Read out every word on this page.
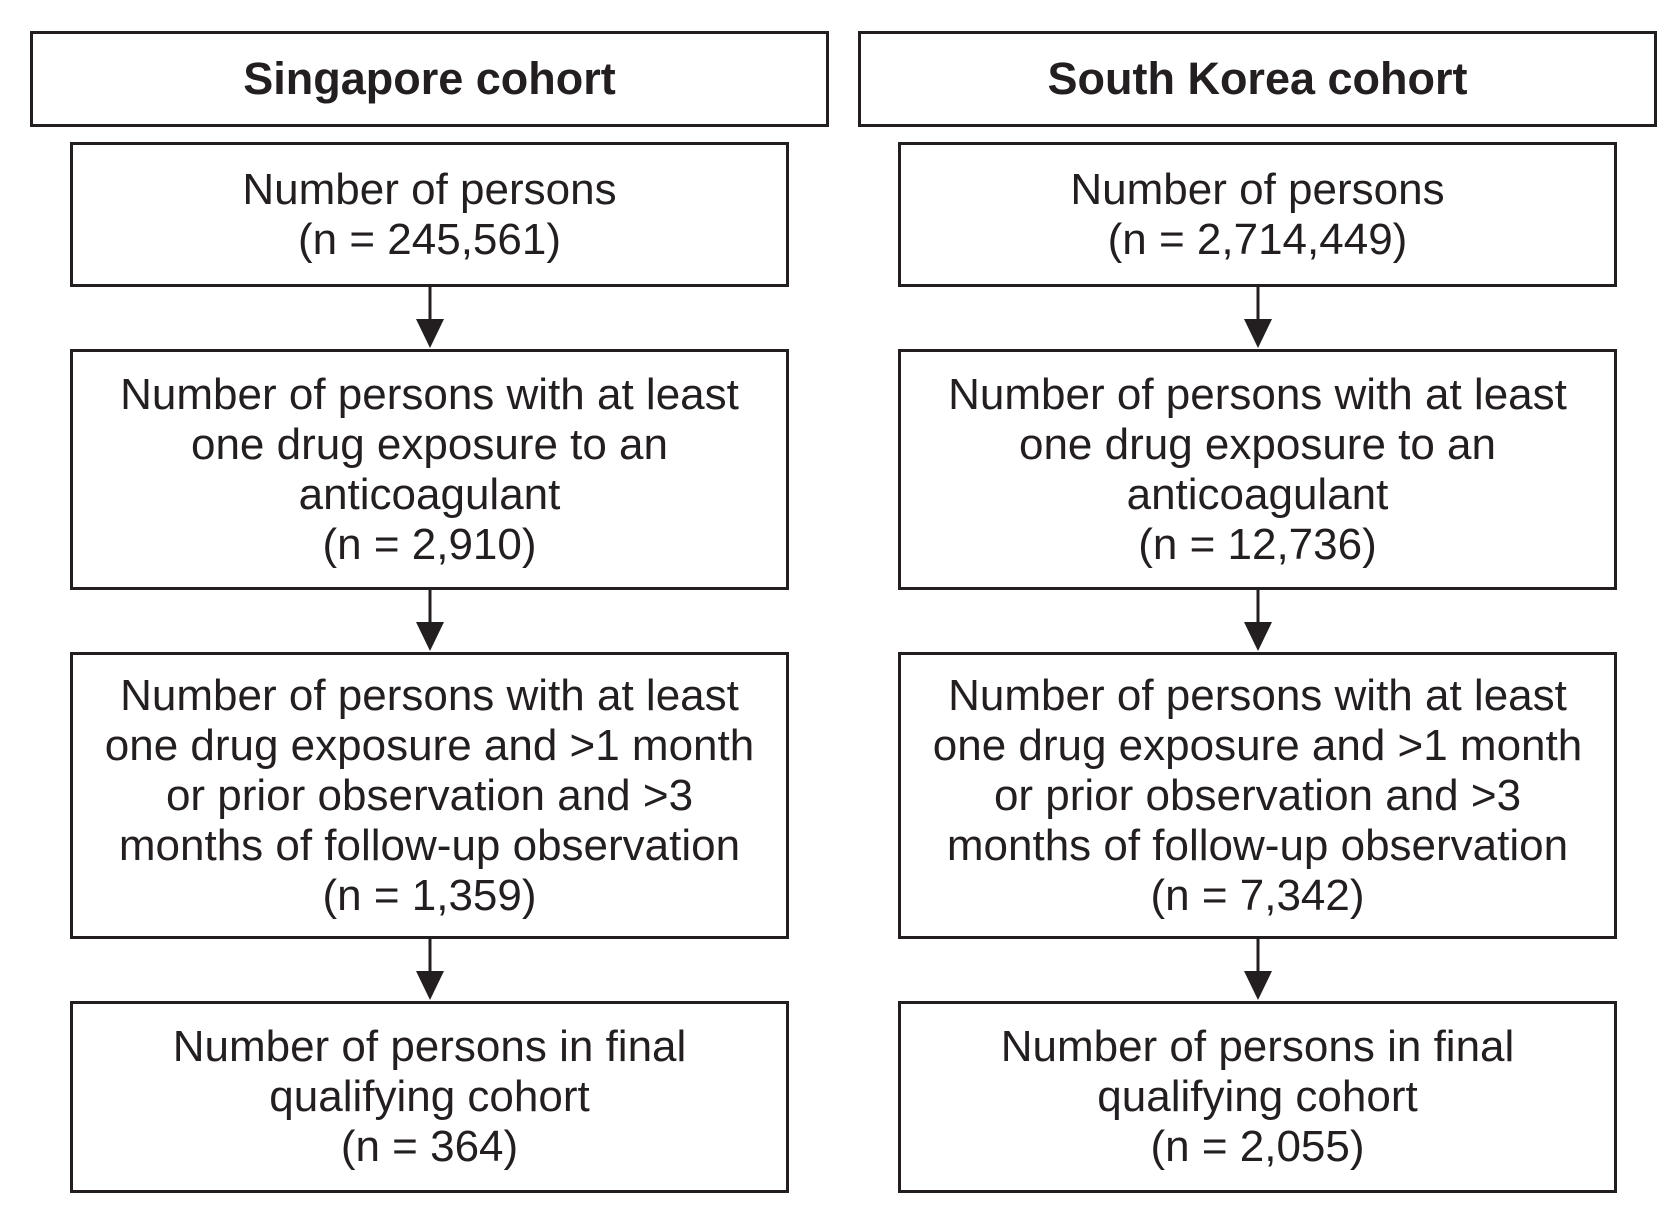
Singapore cohort
Number of persons
(n = 245,561)
Number of persons with at least
one drug exposure to an
anticoagulant
(n = 2,910)
Number of persons with at least
one drug exposure and >1 month
or prior observation and >3
months of follow-up observation
(n = 1,359)
Number of persons in final
qualifying cohort
(n = 364)
South Korea cohort
Number of persons
(n = 2,714,449)
Number of persons with at least
one drug exposure to an
anticoagulant
(n = 12,736)
Number of persons with at least
one drug exposure and >1 month
or prior observation and >3
months of follow-up observation
(n = 7,342)
Number of persons in final
qualifying cohort
(n = 2,055)
